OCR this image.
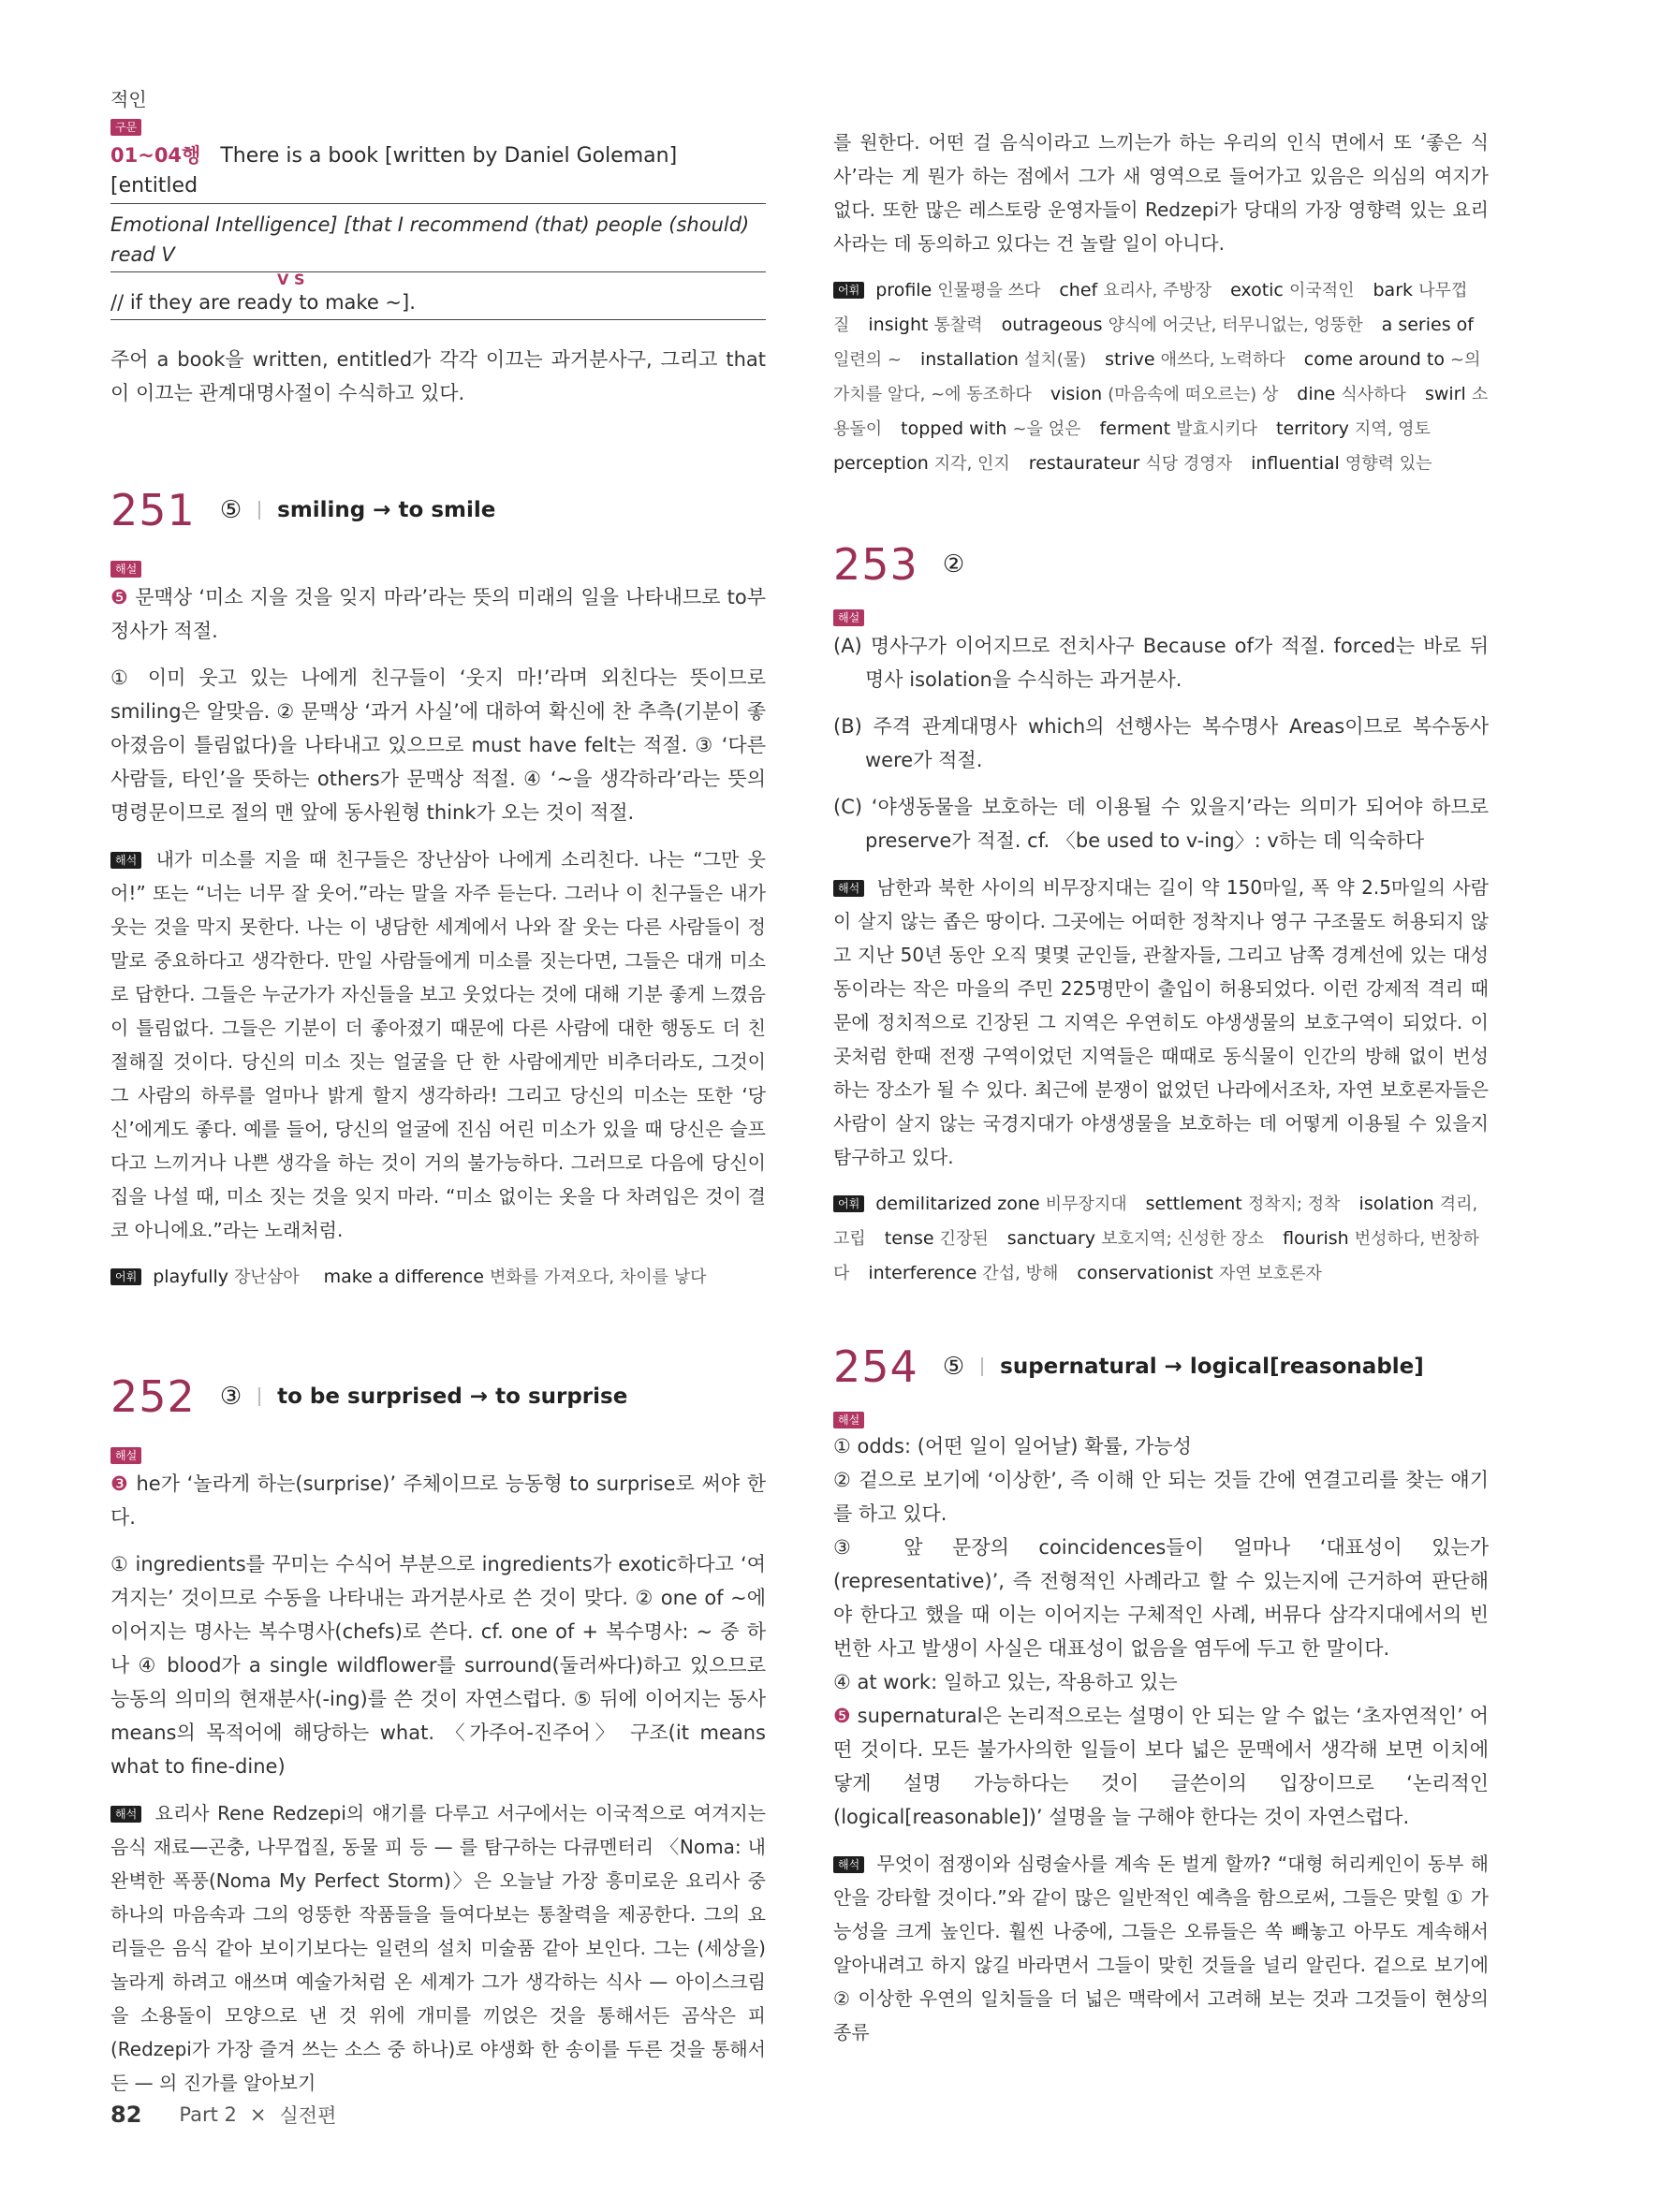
적인
구문
01~04행 There is a book [written by Daniel Goleman] [entitled
Emotional Intelligence] [that I recommend (that) people (should) read V
V S
// if they are ready to make ~].
주어 a book을 written, entitled가 각각 이끄는 과거분사구, 그리고 that이 이끄는 관계대명사절이 수식하고 있다.
251 ⑤ smiling → to smile
해설
❺ 문맥상 ‘미소 지을 것을 잊지 마라’라는 뜻의 미래의 일을 나타내므로 to부정사가 적절.
① 이미 웃고 있는 나에게 친구들이 ‘웃지 마!’라며 외친다는 뜻이므로 smiling은 알맞음. ② 문맥상 ‘과거 사실’에 대하여 확신에 찬 추측(기분이 좋아졌음이 틀림없다)을 나타내고 있으므로 must have felt는 적절. ③ ‘다른 사람들, 타인’을 뜻하는 others가 문맥상 적절. ④ ‘~을 생각하라’라는 뜻의 명령문이므로 절의 맨 앞에 동사원형 think가 오는 것이 적절.
해석 내가 미소를 지을 때 친구들은 장난삼아 나에게 소리친다. 나는 “그만 웃어!” 또는 “너는 너무 잘 웃어.”라는 말을 자주 듣는다. 그러나 이 친구들은 내가 웃는 것을 막지 못한다. 나는 이 냉담한 세계에서 나와 잘 웃는 다른 사람들이 정말로 중요하다고 생각한다. 만일 사람들에게 미소를 짓는다면, 그들은 대개 미소로 답한다. 그들은 누군가가 자신들을 보고 웃었다는 것에 대해 기분 좋게 느꼈음이 틀림없다. 그들은 기분이 더 좋아졌기 때문에 다른 사람에 대한 행동도 더 친절해질 것이다. 당신의 미소 짓는 얼굴을 단 한 사람에게만 비추더라도, 그것이 그 사람의 하루를 얼마나 밝게 할지 생각하라! 그리고 당신의 미소는 또한 ‘당신’에게도 좋다. 예를 들어, 당신의 얼굴에 진심 어린 미소가 있을 때 당신은 슬프다고 느끼거나 나쁜 생각을 하는 것이 거의 불가능하다. 그러므로 다음에 당신이 집을 나설 때, 미소 짓는 것을 잊지 마라. “미소 없이는 옷을 다 차려입은 것이 결코 아니에요.”라는 노래처럼.
어휘 playfully 장난삼아 make a difference 변화를 가져오다, 차이를 낳다
252 ③ to be surprised → to surprise
해설
❸ he가 ‘놀라게 하는(surprise)’ 주체이므로 능동형 to surprise로 써야 한다.
① ingredients를 꾸미는 수식어 부분으로 ingredients가 exotic하다고 ‘여겨지는’ 것이므로 수동을 나타내는 과거분사로 쓴 것이 맞다. ② one of ~에 이어지는 명사는 복수명사(chefs)로 쓴다. cf. one of + 복수명사: ~ 중 하나 ④ blood가 a single wildflower를 surround(둘러싸다)하고 있으므로 능동의 의미의 현재분사(-ing)를 쓴 것이 자연스럽다. ⑤ 뒤에 이어지는 동사 means의 목적어에 해당하는 what. 〈가주어-진주어〉 구조(it means what to fine-dine)
해석 요리사 Rene Redzepi의 얘기를 다루고 서구에서는 이국적으로 여겨지는 음식 재료—곤충, 나무껍질, 동물 피 등 — 를 탐구하는 다큐멘터리 〈Noma: 내 완벽한 폭풍(Noma My Perfect Storm)〉은 오늘날 가장 흥미로운 요리사 중 하나의 마음속과 그의 엉뚱한 작품들을 들여다보는 통찰력을 제공한다. 그의 요리들은 음식 같아 보이기보다는 일련의 설치 미술품 같아 보인다. 그는 (세상을) 놀라게 하려고 애쓰며 예술가처럼 온 세계가 그가 생각하는 식사 — 아이스크림을 소용돌이 모양으로 낸 것 위에 개미를 끼얹은 것을 통해서든 곰삭은 피(Redzepi가 가장 즐겨 쓰는 소스 중 하나)로 야생화 한 송이를 두른 것을 통해서든 — 의 진가를 알아보기
를 원한다. 어떤 걸 음식이라고 느끼는가 하는 우리의 인식 면에서 또 ‘좋은 식사’라는 게 뭔가 하는 점에서 그가 새 영역으로 들어가고 있음은 의심의 여지가 없다. 또한 많은 레스토랑 운영자들이 Redzepi가 당대의 가장 영향력 있는 요리사라는 데 동의하고 있다는 건 놀랄 일이 아니다.
어휘 profile 인물평을 쓰다 chef 요리사, 주방장 exotic 이국적인 bark 나무껍질 insight 통찰력 outrageous 양식에 어긋난, 터무니없는, 엉뚱한 a series of 일련의 ~ installation 설치(물) strive 애쓰다, 노력하다 come around to ~의 가치를 알다, ~에 동조하다 vision (마음속에 떠오르는) 상 dine 식사하다 swirl 소용돌이 topped with ~을 얹은 ferment 발효시키다 territory 지역, 영토perception 지각, 인지 restaurateur 식당 경영자 influential 영향력 있는
253 ②
해설
(A) 명사구가 이어지므로 전치사구 Because of가 적절. forced는 바로 뒤 명사 isolation을 수식하는 과거분사.
(B) 주격 관계대명사 which의 선행사는 복수명사 Areas이므로 복수동사 were가 적절.
(C) ‘야생동물을 보호하는 데 이용될 수 있을지’라는 의미가 되어야 하므로 preserve가 적절. cf. 〈be used to v-ing〉: v하는 데 익숙하다
해석 남한과 북한 사이의 비무장지대는 길이 약 150마일, 폭 약 2.5마일의 사람이 살지 않는 좁은 땅이다. 그곳에는 어떠한 정착지나 영구 구조물도 허용되지 않고 지난 50년 동안 오직 몇몇 군인들, 관찰자들, 그리고 남쪽 경계선에 있는 대성동이라는 작은 마을의 주민 225명만이 출입이 허용되었다. 이런 강제적 격리 때문에 정치적으로 긴장된 그 지역은 우연히도 야생생물의 보호구역이 되었다. 이곳처럼 한때 전쟁 구역이었던 지역들은 때때로 동식물이 인간의 방해 없이 번성하는 장소가 될 수 있다. 최근에 분쟁이 없었던 나라에서조차, 자연 보호론자들은 사람이 살지 않는 국경지대가 야생생물을 보호하는 데 어떻게 이용될 수 있을지 탐구하고 있다.
어휘 demilitarized zone 비무장지대 settlement 정착지; 정착 isolation 격리, 고립 tense 긴장된 sanctuary 보호지역; 신성한 장소 flourish 번성하다, 번창하다 interference 간섭, 방해 conservationist 자연 보호론자
254 ⑤ supernatural → logical[reasonable]
해설
① odds: (어떤 일이 일어날) 확률, 가능성
② 겉으로 보기에 ‘이상한’, 즉 이해 안 되는 것들 간에 연결고리를 찾는 얘기를 하고 있다.
③ 앞 문장의 coincidences들이 얼마나 ‘대표성이 있는가(representative)’, 즉 전형적인 사례라고 할 수 있는지에 근거하여 판단해야 한다고 했을 때 이는 이어지는 구체적인 사례, 버뮤다 삼각지대에서의 빈번한 사고 발생이 사실은 대표성이 없음을 염두에 두고 한 말이다.
④ at work: 일하고 있는, 작용하고 있는
❺ supernatural은 논리적으로는 설명이 안 되는 알 수 없는 ‘초자연적인’ 어떤 것이다. 모든 불가사의한 일들이 보다 넓은 문맥에서 생각해 보면 이치에 닿게 설명 가능하다는 것이 글쓴이의 입장이므로 ‘논리적인(logical[reasonable])’ 설명을 늘 구해야 한다는 것이 자연스럽다.
해석 무엇이 점쟁이와 심령술사를 계속 돈 벌게 할까? “대형 허리케인이 동부 해안을 강타할 것이다.”와 같이 많은 일반적인 예측을 함으로써, 그들은 맞힐 ① 가능성을 크게 높인다. 훨씬 나중에, 그들은 오류들은 쏙 빼놓고 아무도 계속해서 알아내려고 하지 않길 바라면서 그들이 맞힌 것들을 널리 알린다. 겉으로 보기에 ② 이상한 우연의 일치들을 더 넓은 맥락에서 고려해 보는 것과 그것들이 현상의 종류
82 Part 2 × 실전편
